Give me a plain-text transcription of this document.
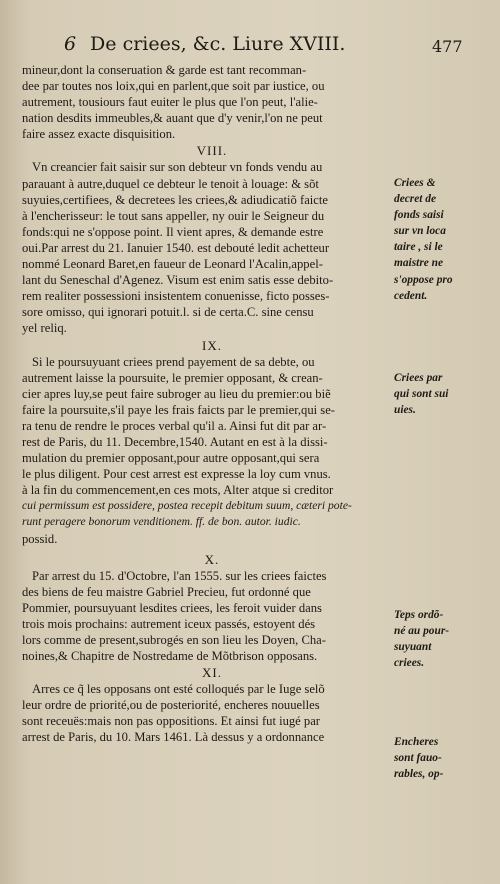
6 De criees, &c. Liure XVIII.	477
mineur,dont la conseruation & garde est tant recomman-
dee par toutes nos loix,qui en parlent,que soit par iustice, ou
autrement, tousiours faut euiter le plus que l'on peut, l'alie-
nation desdits immeubles,& auant que d'y venir,l'on ne peut
faire assez exacte disquisition.

VIII.

Vn creancier fait saisir sur son debteur vn fonds vendu au
parauant à autre,duquel ce debteur le tenoit à louage: & sõt
suyuies,certifiees, & decretees les criees,& adiudicatiõ faicte
à l'encherisseur: le tout sans appeller, ny ouir le Seigneur du
fonds:qui ne s'oppose point. Il vient apres, & demande estre
oui.Par arrest du 21. Ianuier 1540. est debouté ledit achetteur
nommé Leonard Baret,en faueur de Leonard l'Acalin,appel-
lant du Seneschal d'Agenez. Visum est enim satis esse debito-
rem realiter possessioni insistentem conuenisse, ficto posses-
sore omisso, qui ignorari potuit.l. si de certa.C. sine censu
yel reliq.

IX.

Si le poursuyuant criees prend payement de sa debte, ou
autrement laisse la poursuite, le premier opposant, & crean-
cier apres luy,se peut faire subroger au lieu du premier:ou biẽ
faire la poursuite,s'il paye les frais faicts par le premier,qui se-
ra tenu de rendre le proces verbal qu'il a. Ainsi fut dit par ar-
rest de Paris, du 11. Decembre,1540. Autant en est à la dissi-
mulation du premier opposant,pour autre opposant,qui sera
le plus diligent. Pour cest arrest est expresse la loy cum vnus.
à la fin du commencement,en ces mots, Alter atque si creditor
cui permissum est possidere, postea recepit debitum suum, cæteri pote-
runt peragere bonorum venditionem. ff. de bon. autor. iudic.
possid.

X.

Par arrest du 15. d'Octobre, l'an 1555. sur les criees faictes
des biens de feu maistre Gabriel Precieu, fut ordonné que
Pommier, poursuyuant lesdites criees, les feroit vuider dans
trois mois prochains: autrement iceux passés, estoyent dés
lors comme de present,subrogés en son lieu les Doyen, Cha-
noines,& Chapitre de Nostredame de Mõtbrison opposans.

XI.

Arres ce q̃ les opposans ont esté colloqués par le Iuge selõ
leur ordre de priorité,ou de posteriorité, encheres nouuelles
sont receuës:mais non pas oppositions. Et ainsi fut iugé par
arrest de Paris, du 10. Mars 1461. Là dessus y a ordonnance
Criees &
decret de
fonds saisi
sur vn loca
taire , si le
maistre ne
s'oppose pro
cedent.
Criees par
qui sont sui
uies.
Teps ordõ-
né au pour-
suyuant
criees.
Encheres
sont fauo-
rables, op-
